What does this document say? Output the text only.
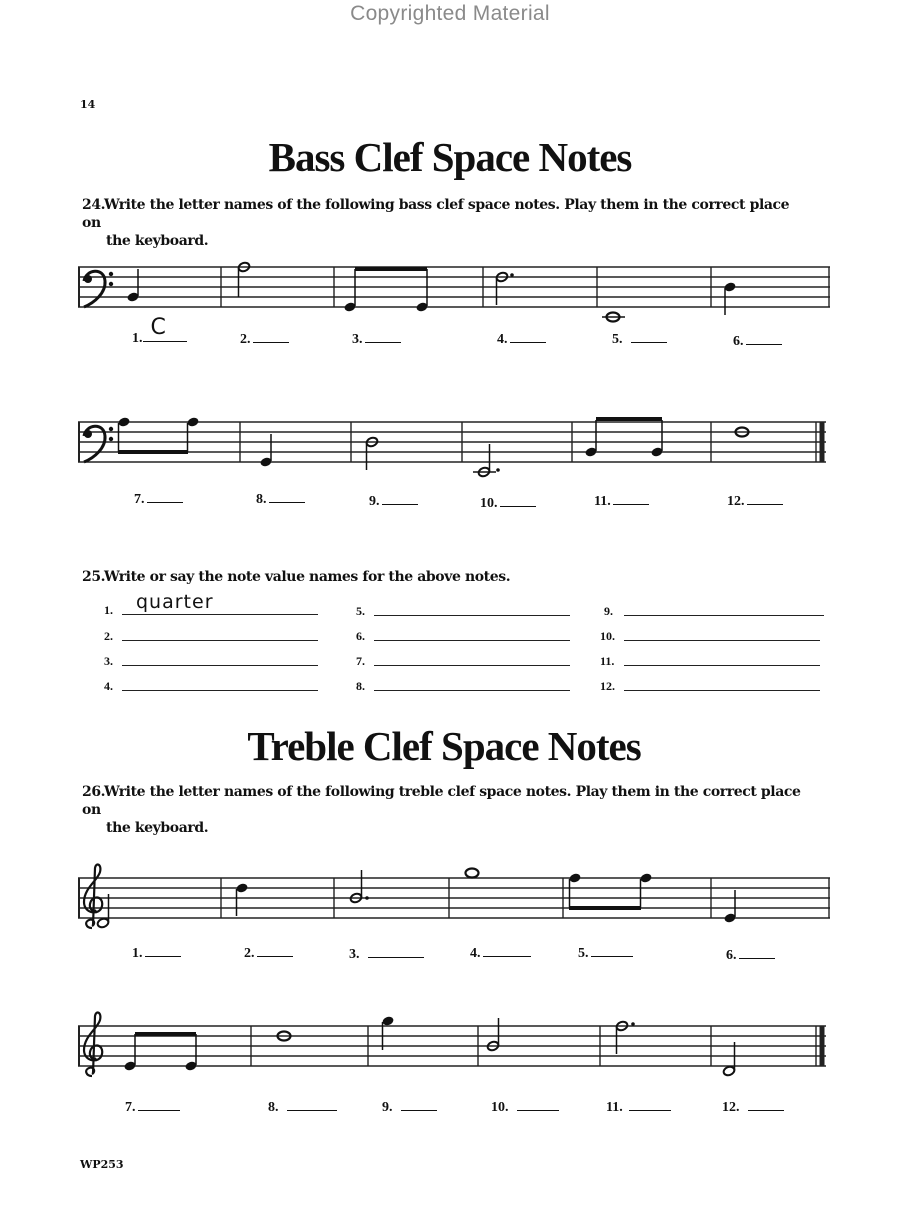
Copyrighted Material
14
Bass Clef Space Notes
24.Write the letter names of the following bass clef space notes. Play them in the correct place on
the keyboard.
1. C	2.	3.	4.	5.	6.
7.	8.	9.	10.	11.	12.
25.Write or say the note value names for the above notes.
1. quarter
2.
3.
4.
5.
6.
7.
8.
9.
10.
11.
12.
Treble Clef Space Notes
26.Write the letter names of the following treble clef space notes. Play them in the correct place on
the keyboard.
1.	2.	3.	4.	5.	6.
7.	8.	9.	10.	11.	12.
WP253
